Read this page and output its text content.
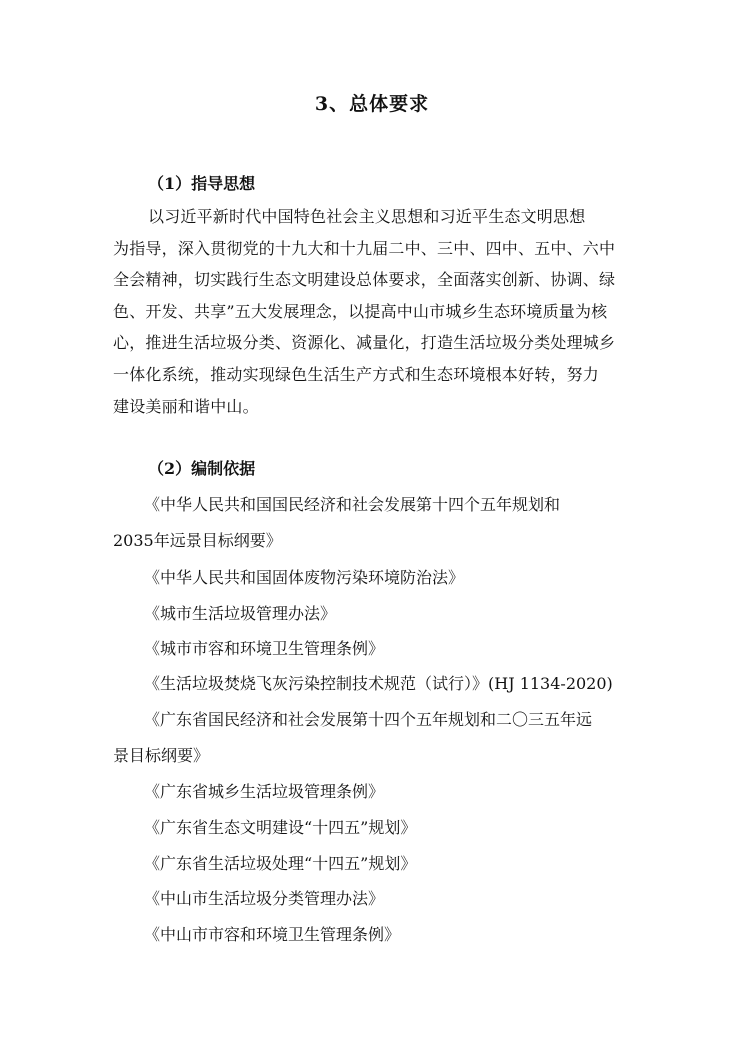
3、总体要求
（1）指导思想
以习近平新时代中国特色社会主义思想和习近平生态文明思想
为指导，深入贯彻党的十九大和十九届二中、三中、四中、五中、六中
全会精神，切实践行生态文明建设总体要求，全面落实创新、协调、绿
色、开发、共享”五大发展理念，以提高中山市城乡生态环境质量为核
心，推进生活垃圾分类、资源化、减量化，打造生活垃圾分类处理城乡
一体化系统，推动实现绿色生活生产方式和生态环境根本好转，努力
建设美丽和谐中山。
（2）编制依据
《中华人民共和国国民经济和社会发展第十四个五年规划和
2035年远景目标纲要》
《中华人民共和国固体废物污染环境防治法》
《城市生活垃圾管理办法》
《城市市容和环境卫生管理条例》
《生活垃圾焚烧飞灰污染控制技术规范（试行）》(HJ 1134-2020)
《广东省国民经济和社会发展第十四个五年规划和二〇三五年远
景目标纲要》
《广东省城乡生活垃圾管理条例》
《广东省生态文明建设“十四五”规划》
《广东省生活垃圾处理“十四五”规划》
《中山市生活垃圾分类管理办法》
《中山市市容和环境卫生管理条例》
